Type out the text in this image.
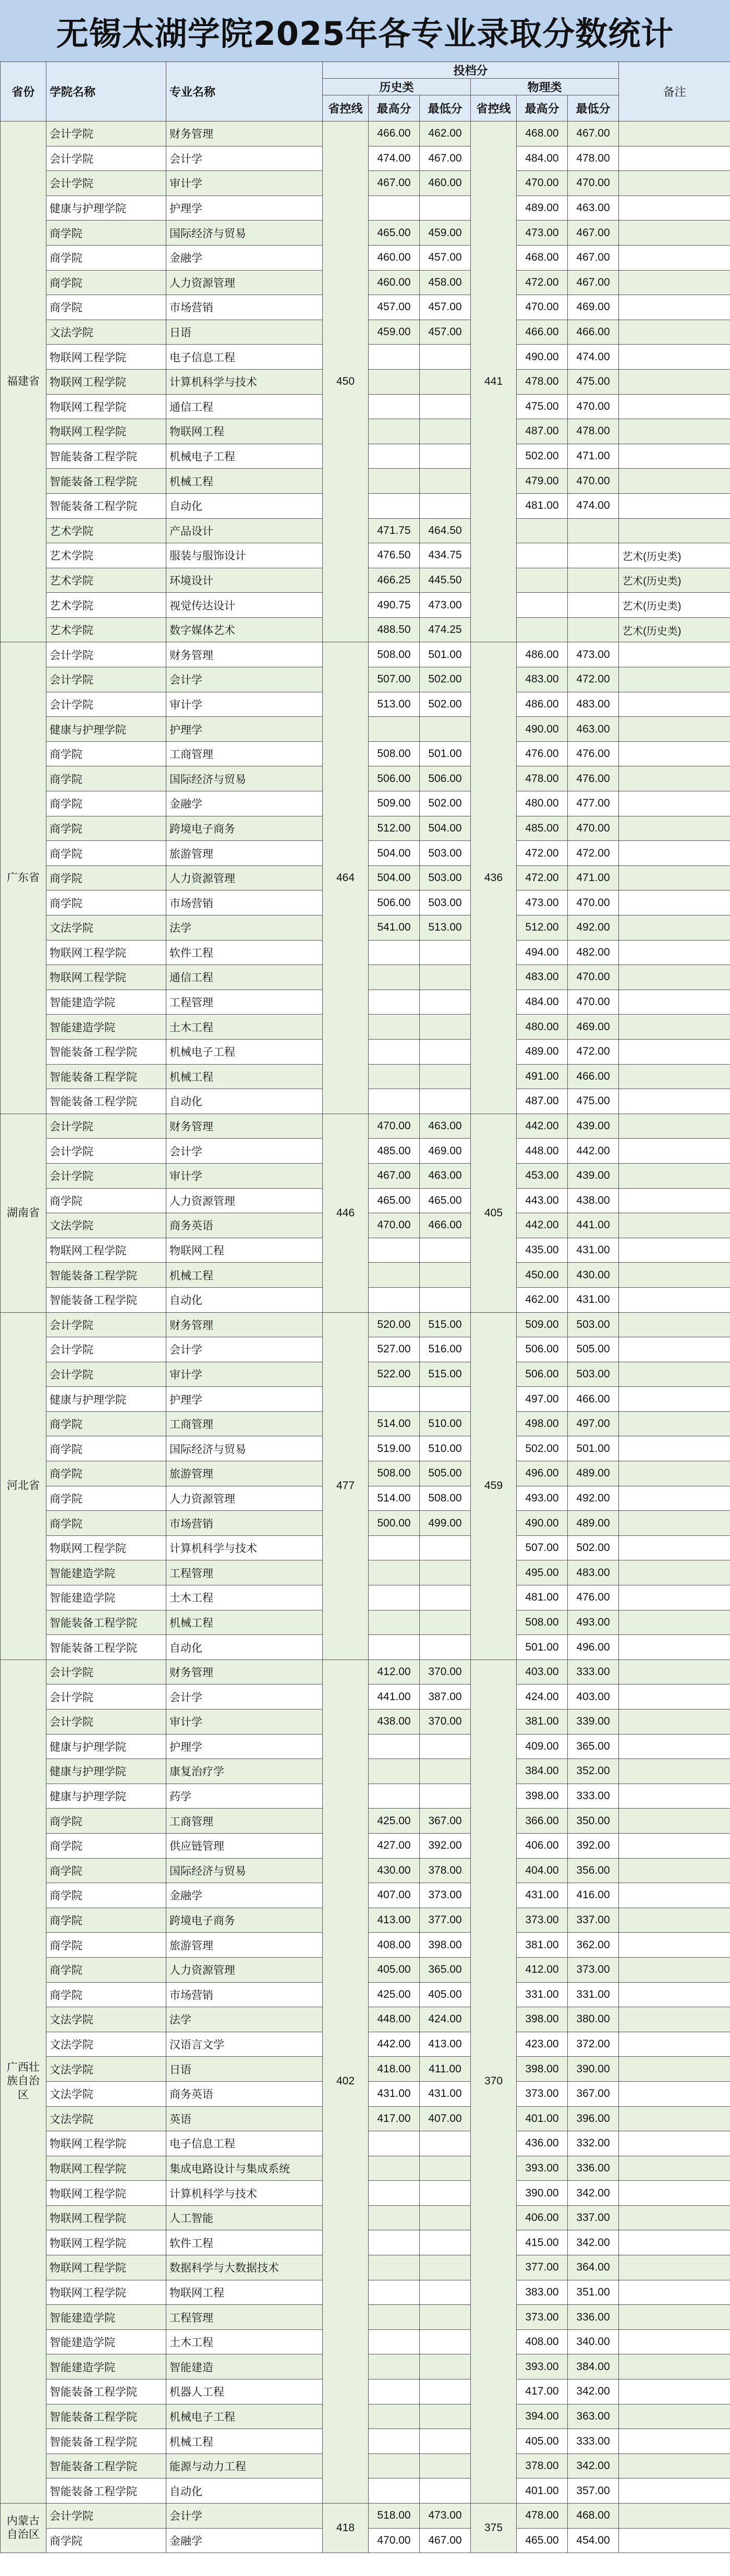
无锡太湖学院2025年各专业录取分数统计
省份	学院名称	专业名称	投档分						备注
			历史类			物理类			
			省控线	最高分	最低分	省控线	最高分	最低分	
福建省	会计学院	财务管理	450	466.00	462.00	441	468.00	467.00	
	会计学院	会计学		474.00	467.00		484.00	478.00	
	会计学院	审计学		467.00	460.00		470.00	470.00	
	健康与护理学院	护理学					489.00	463.00	
	商学院	国际经济与贸易		465.00	459.00		473.00	467.00	
	商学院	金融学		460.00	457.00		468.00	467.00	
	商学院	人力资源管理		460.00	458.00		472.00	467.00	
	商学院	市场营销		457.00	457.00		470.00	469.00	
	文法学院	日语		459.00	457.00		466.00	466.00	
	物联网工程学院	电子信息工程					490.00	474.00	
	物联网工程学院	计算机科学与技术					478.00	475.00	
	物联网工程学院	通信工程					475.00	470.00	
	物联网工程学院	物联网工程					487.00	478.00	
	智能装备工程学院	机械电子工程					502.00	471.00	
	智能装备工程学院	机械工程					479.00	470.00	
	智能装备工程学院	自动化					481.00	474.00	
	艺术学院	产品设计		471.75	464.50				
	艺术学院	服装与服饰设计		476.50	434.75				艺术(历史类)
	艺术学院	环境设计		466.25	445.50				艺术(历史类)
	艺术学院	视觉传达设计		490.75	473.00				艺术(历史类)
	艺术学院	数字媒体艺术		488.50	474.25				艺术(历史类)
广东省	会计学院	财务管理	464	508.00	501.00	436	486.00	473.00	
	会计学院	会计学		507.00	502.00		483.00	472.00	
	会计学院	审计学		513.00	502.00		486.00	483.00	
	健康与护理学院	护理学					490.00	463.00	
	商学院	工商管理		508.00	501.00		476.00	476.00	
	商学院	国际经济与贸易		506.00	506.00		478.00	476.00	
	商学院	金融学		509.00	502.00		480.00	477.00	
	商学院	跨境电子商务		512.00	504.00		485.00	470.00	
	商学院	旅游管理		504.00	503.00		472.00	472.00	
	商学院	人力资源管理		504.00	503.00		472.00	471.00	
	商学院	市场营销		506.00	503.00		473.00	470.00	
	文法学院	法学		541.00	513.00		512.00	492.00	
	物联网工程学院	软件工程					494.00	482.00	
	物联网工程学院	通信工程					483.00	470.00	
	智能建造学院	工程管理					484.00	470.00	
	智能建造学院	土木工程					480.00	469.00	
	智能装备工程学院	机械电子工程					489.00	472.00	
	智能装备工程学院	机械工程					491.00	466.00	
	智能装备工程学院	自动化					487.00	475.00	
湖南省	会计学院	财务管理	446	470.00	463.00	405	442.00	439.00	
	会计学院	会计学		485.00	469.00		448.00	442.00	
	会计学院	审计学		467.00	463.00		453.00	439.00	
	商学院	人力资源管理		465.00	465.00		443.00	438.00	
	文法学院	商务英语		470.00	466.00		442.00	441.00	
	物联网工程学院	物联网工程					435.00	431.00	
	智能装备工程学院	机械工程					450.00	430.00	
	智能装备工程学院	自动化					462.00	431.00	
河北省	会计学院	财务管理	477	520.00	515.00	459	509.00	503.00	
	会计学院	会计学		527.00	516.00		506.00	505.00	
	会计学院	审计学		522.00	515.00		506.00	503.00	
	健康与护理学院	护理学					497.00	466.00	
	商学院	工商管理		514.00	510.00		498.00	497.00	
	商学院	国际经济与贸易		519.00	510.00		502.00	501.00	
	商学院	旅游管理		508.00	505.00		496.00	489.00	
	商学院	人力资源管理		514.00	508.00		493.00	492.00	
	商学院	市场营销		500.00	499.00		490.00	489.00	
	物联网工程学院	计算机科学与技术					507.00	502.00	
	智能建造学院	工程管理					495.00	483.00	
	智能建造学院	土木工程					481.00	476.00	
	智能装备工程学院	机械工程					508.00	493.00	
	智能装备工程学院	自动化					501.00	496.00	
广西壮族自治区	会计学院	财务管理	402	412.00	370.00	370	403.00	333.00	
	会计学院	会计学		441.00	387.00		424.00	403.00	
	会计学院	审计学		438.00	370.00		381.00	339.00	
	健康与护理学院	护理学					409.00	365.00	
	健康与护理学院	康复治疗学					384.00	352.00	
	健康与护理学院	药学					398.00	333.00	
	商学院	工商管理		425.00	367.00		366.00	350.00	
	商学院	供应链管理		427.00	392.00		406.00	392.00	
	商学院	国际经济与贸易		430.00	378.00		404.00	356.00	
	商学院	金融学		407.00	373.00		431.00	416.00	
	商学院	跨境电子商务		413.00	377.00		373.00	337.00	
	商学院	旅游管理		408.00	398.00		381.00	362.00	
	商学院	人力资源管理		405.00	365.00		412.00	373.00	
	商学院	市场营销		425.00	405.00		331.00	331.00	
	文法学院	法学		448.00	424.00		398.00	380.00	
	文法学院	汉语言文学		442.00	413.00		423.00	372.00	
	文法学院	日语		418.00	411.00		398.00	390.00	
	文法学院	商务英语		431.00	431.00		373.00	367.00	
	文法学院	英语		417.00	407.00		401.00	396.00	
	物联网工程学院	电子信息工程					436.00	332.00	
	物联网工程学院	集成电路设计与集成系统					393.00	336.00	
	物联网工程学院	计算机科学与技术					390.00	342.00	
	物联网工程学院	人工智能					406.00	337.00	
	物联网工程学院	软件工程					415.00	342.00	
	物联网工程学院	数据科学与大数据技术					377.00	364.00	
	物联网工程学院	物联网工程					383.00	351.00	
	智能建造学院	工程管理					373.00	336.00	
	智能建造学院	土木工程					408.00	340.00	
	智能建造学院	智能建造					393.00	384.00	
	智能装备工程学院	机器人工程					417.00	342.00	
	智能装备工程学院	机械电子工程					394.00	363.00	
	智能装备工程学院	机械工程					405.00	333.00	
	智能装备工程学院	能源与动力工程					378.00	342.00	
	智能装备工程学院	自动化					401.00	357.00	
内蒙古自治区	会计学院	会计学	418	518.00	473.00	375	478.00	468.00	
	商学院	金融学		470.00	467.00		465.00	454.00	
